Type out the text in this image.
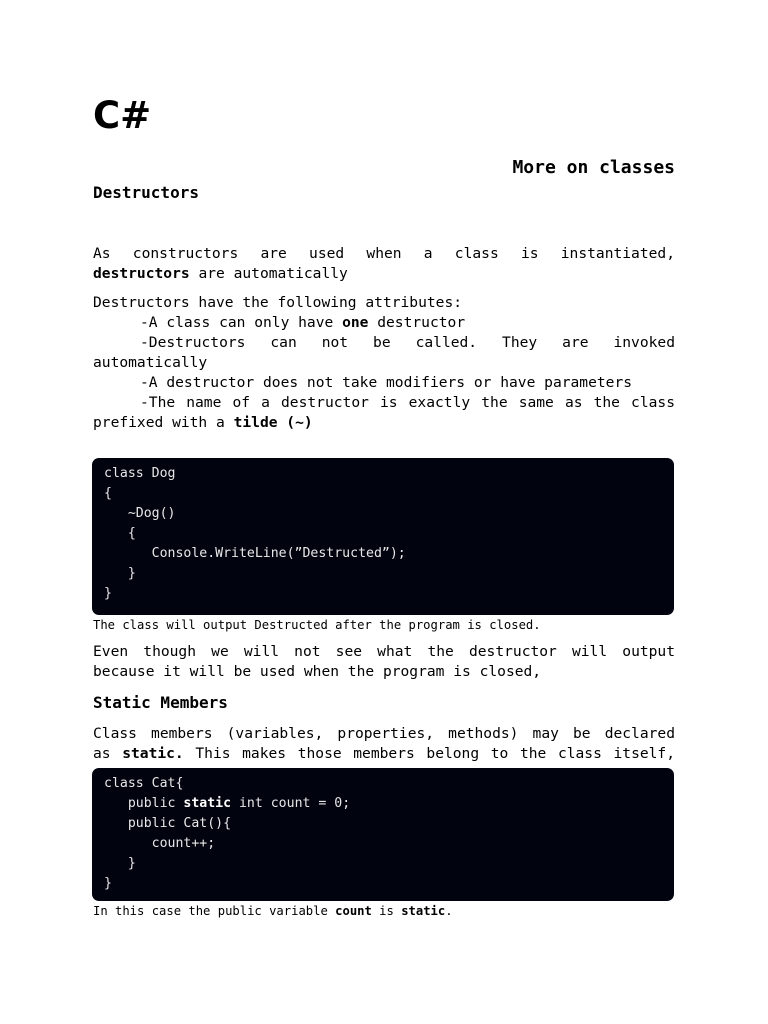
C#
More on classes
Destructors

As constructors are used when a class is instantiated,
destructors are automatically

Destructors have the following attributes:
-A class can only have one destructor
-Destructors can not be called. They are invoked
automatically
-A destructor does not take modifiers or have parameters
-The name of a destructor is exactly the same as the class
prefixed with a tilde (~)
class Dog
{
~Dog()
{
Console.WriteLine(”Destructed”);
}
}

The class will output Destructed after the program is closed.

Even though we will not see what the destructor will output
because it will be used when the program is closed,

Static Members

Class members (variables, properties, methods) may be declared
as static. This makes those members belong to the class itself,

class Cat{
public static int count = 0;
public Cat(){
count++;
}
}

In this case the public variable count is static.
